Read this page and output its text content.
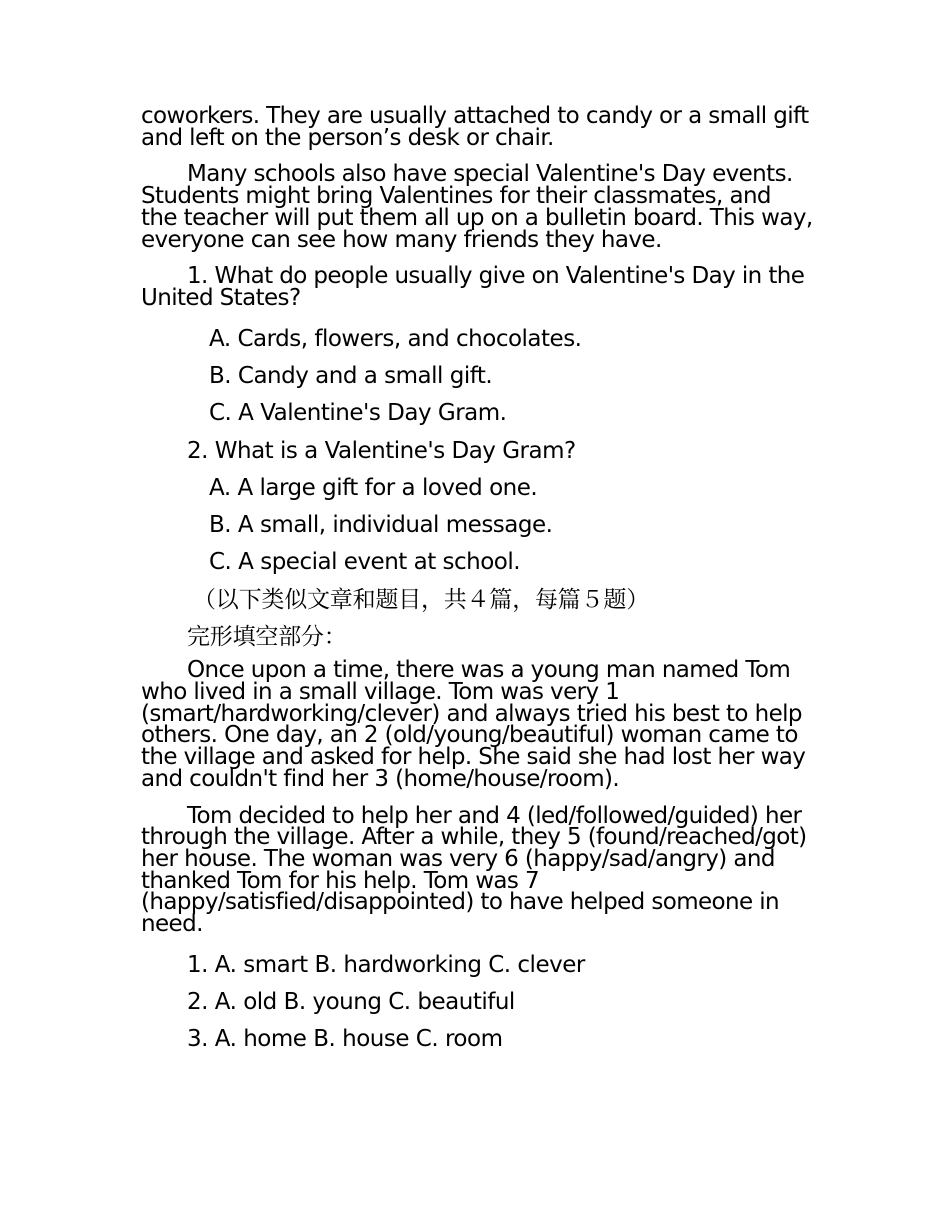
coworkers. They are usually attached to candy or a small gift and left on the person’s desk or chair.

Many schools also have special Valentine's Day events. Students might bring Valentines for their classmates, and the teacher will put them all up on a bulletin board. This way, everyone can see how many friends they have.

1. What do people usually give on Valentine's Day in the United States?

A. Cards, flowers, and chocolates.
B. Candy and a small gift.
C. A Valentine's Day Gram.
2. What is a Valentine's Day Gram?
A. A large gift for a loved one.
B. A small, individual message.
C. A special event at school.
（以下类似文章和题目，共４篇，每篇５题）
完形填空部分：

Once upon a time, there was a young man named Tom who lived in a small village. Tom was very 1 (smart/hardworking/clever) and always tried his best to help others. One day, an 2 (old/young/beautiful) woman came to the village and asked for help. She said she had lost her way and couldn't find her 3 (home/house/room).

Tom decided to help her and 4 (led/followed/guided) her through the village. After a while, they 5 (found/reached/got) her house. The woman was very 6 (happy/sad/angry) and thanked Tom for his help. Tom was 7 (happy/satisfied/disappointed) to have helped someone in need.

1. A. smart B. hardworking C. clever
2. A. old B. young C. beautiful
3. A. home B. house C. room
